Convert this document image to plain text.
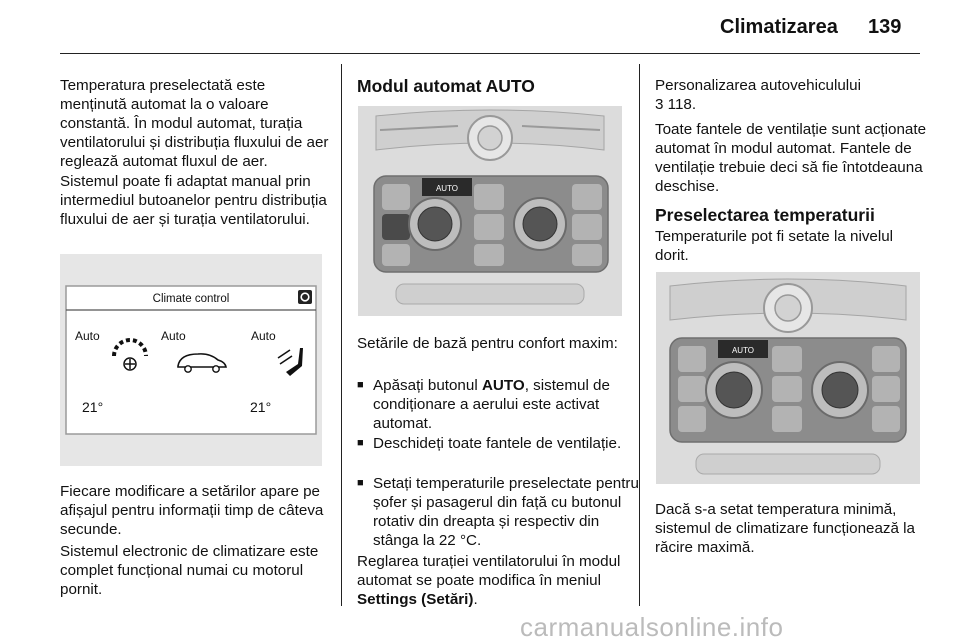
Climatizarea 139

Temperatura preselectată este menținută automat la o valoare constantă. În modul automat, turația ventilatorului și distribuția fluxului de aer reglează automat fluxul de aer.

Sistemul poate fi adaptat manual prin intermediul butoanelor pentru distribuția fluxului de aer și turația ventilatorului.

Climate control
Auto	Auto	Auto
21°	21°

Fiecare modificare a setărilor apare pe afișajul pentru informații timp de câteva secunde.

Sistemul electronic de climatizare este complet funcțional numai cu motorul pornit.

Modul automat AUTO
AUTO

Setările de bază pentru confort maxim:

■ Apăsați butonul AUTO, sistemul de condiționare a aerului este activat automat.

■ Deschideți toate fantele de ventilație.

■ Setați temperaturile preselectate pentru șofer și pasagerul din față cu butonul rotativ din dreapta și respectiv din stânga la 22 °C.

Reglarea turației ventilatorului în modul automat se poate modifica în meniul Settings (Setări).

Personalizarea autovehiculului
3 118.

Toate fantele de ventilație sunt acționate automat în modul automat. Fantele de ventilație trebuie deci să fie întotdeauna deschise.

Preselectarea temperaturii

Temperaturile pot fi setate la nivelul dorit.

AUTO

Dacă s-a setat temperatura minimă, sistemul de climatizare funcționează la răcire maximă.

carmanualsonline.info
